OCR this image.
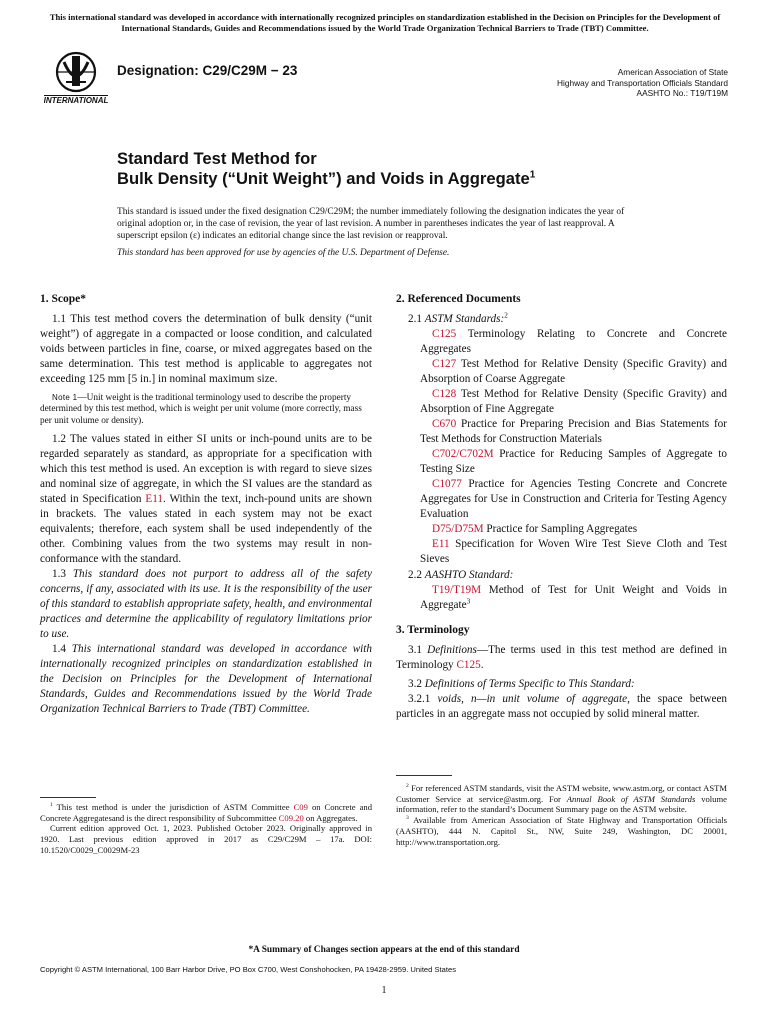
This international standard was developed in accordance with internationally recognized principles on standardization established in the Decision on Principles for the Development of International Standards, Guides and Recommendations issued by the World Trade Organization Technical Barriers to Trade (TBT) Committee.
INTERNATIONAL
Designation: C29/C29M − 23	American Association of State
Highway and Transportation Officials Standard
AASHTO No.: T19/T19M
Standard Test Method for
Bulk Density (“Unit Weight”) and Voids in Aggregate$^1$

This standard is issued under the fixed designation C29/C29M; the number immediately following the designation indicates the year of original adoption or, in the case of revision, the year of last revision. A number in parentheses indicates the year of last reapproval. A superscript epsilon (ε) indicates an editorial change since the last revision or reapproval.

This standard has been approved for use by agencies of the U.S. Department of Defense.
1. Scope*

1.1 This test method covers the determination of bulk density (“unit weight”) of aggregate in a compacted or loose condition, and calculated voids between particles in fine, coarse, or mixed aggregates based on the same determination. This test method is applicable to aggregates not exceeding 125 mm [5 in.] in nominal maximum size.

Note 1—Unit weight is the traditional terminology used to describe the property determined by this test method, which is weight per unit volume (more correctly, mass per unit volume or density).

1.2 The values stated in either SI units or inch-pound units are to be regarded separately as standard, as appropriate for a specification with which this test method is used. An exception is with regard to sieve sizes and nominal size of aggregate, in which the SI values are the standard as stated in Specification E11. Within the text, inch-pound units are shown in brackets. The values stated in each system may not be exact equivalents; therefore, each system shall be used independently of the other. Combining values from the two systems may result in non-conformance with the standard.

1.3 This standard does not purport to address all of the safety concerns, if any, associated with its use. It is the responsibility of the user of this standard to establish appropriate safety, health, and environmental practices and determine the applicability of regulatory limitations prior to use.

1.4 This international standard was developed in accordance with internationally recognized principles on standardization established in the Decision on Principles for the Development of International Standards, Guides and Recommendations issued by the World Trade Organization Technical Barriers to Trade (TBT) Committee.

$^1$ This test method is under the jurisdiction of ASTM Committee C09 on Concrete and Concrete Aggregatesand is the direct responsibility of Subcommittee C09.20 on Aggregates.

Current edition approved Oct. 1, 2023. Published October 2023. Originally approved in 1920. Last previous edition approved in 2017 as C29/C29M – 17a. DOI: 10.1520/C0029_C0029M-23

2. Referenced Documents

2.1 ASTM Standards:$^2$

C125 Terminology Relating to Concrete and Concrete Aggregates

C127 Test Method for Relative Density (Specific Gravity) and Absorption of Coarse Aggregate

C128 Test Method for Relative Density (Specific Gravity) and Absorption of Fine Aggregate

C670 Practice for Preparing Precision and Bias Statements for Test Methods for Construction Materials

C702/C702M Practice for Reducing Samples of Aggregate to Testing Size

C1077 Practice for Agencies Testing Concrete and Concrete Aggregates for Use in Construction and Criteria for Testing Agency Evaluation

D75/D75M Practice for Sampling Aggregates

E11 Specification for Woven Wire Test Sieve Cloth and Test Sieves

2.2 AASHTO Standard:

T19/T19M Method of Test for Unit Weight and Voids in Aggregate$^3$

3. Terminology

3.1 Definitions—The terms used in this test method are defined in Terminology C125.

3.2 Definitions of Terms Specific to This Standard:

3.2.1 voids, n—in unit volume of aggregate, the space between particles in an aggregate mass not occupied by solid mineral matter.

$^2$ For referenced ASTM standards, visit the ASTM website, www.astm.org, or contact ASTM Customer Service at service@astm.org. For Annual Book of ASTM Standards volume information, refer to the standard’s Document Summary page on the ASTM website.

$^3$ Available from American Association of State Highway and Transportation Officials (AASHTO), 444 N. Capitol St., NW, Suite 249, Washington, DC 20001, http://www.transportation.org.

*A Summary of Changes section appears at the end of this standard
Copyright © ASTM International, 100 Barr Harbor Drive, PO Box C700, West Conshohocken, PA 19428-2959. United States
1
